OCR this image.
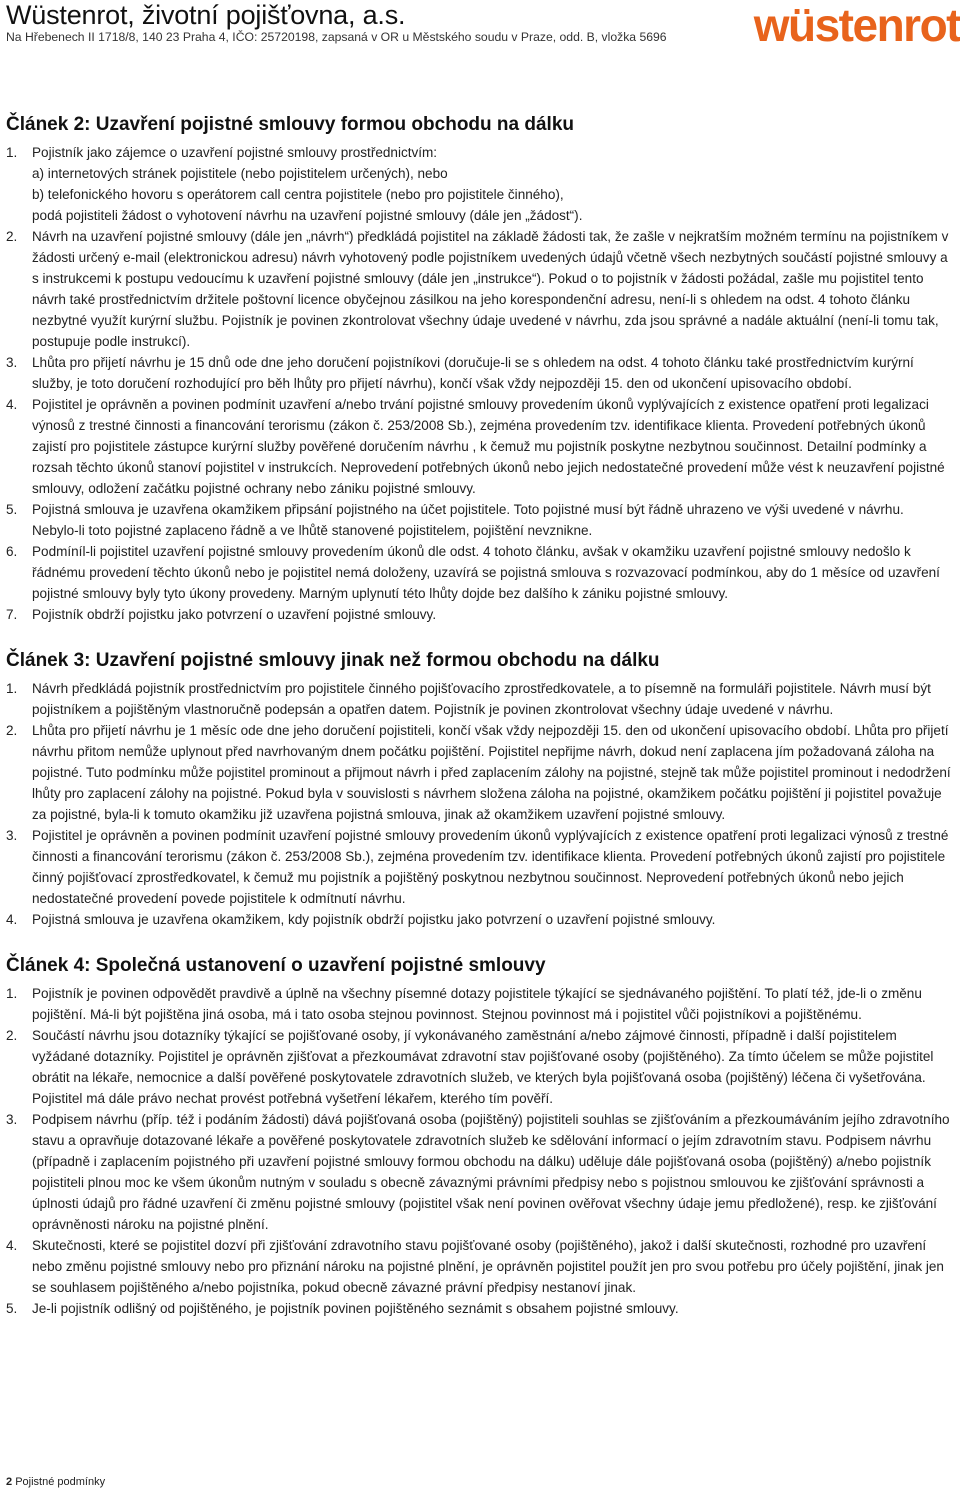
Wüstenrot, životní pojišťovna, a.s.
Na Hřebenech II 1718/8, 140 23 Praha 4, IČO: 25720198, zapsaná v OR u Městského soudu v Praze, odd. B, vložka 5696 wüstenrot
Článek 2: Uzavření pojistné smlouvy formou obchodu na dálku
1. Pojistník jako zájemce o uzavření pojistné smlouvy prostřednictvím:
a) internetových stránek pojistitele (nebo pojistitelem určených), nebo
b) telefonického hovoru s operátorem call centra pojistitele (nebo pro pojistitele činného),
podá pojistiteli žádost o vyhotovení návrhu na uzavření pojistné smlouvy (dále jen „žádost“).
2. Návrh na uzavření pojistné smlouvy (dále jen „návrh“) předkládá pojistitel na základě žádosti tak, že zašle v nejkratším možném termínu na pojistníkem v žádosti určený e-mail (elektronickou adresu) návrh vyhotovený podle pojistníkem uvedených údajů včetně všech nezbytných součástí pojistné smlouvy a s instrukcemi k postupu vedoucímu k uzavření pojistné smlouvy (dále jen „instrukce“). Pokud o to pojistník v žádosti požádal, zašle mu pojistitel tento návrh také prostřednictvím držitele poštovní licence obyčejnou zásilkou na jeho korespondenční adresu, není-li s ohledem na odst. 4 tohoto článku nezbytné využít kurýrní službu. Pojistník je povinen zkontrolovat všechny údaje uvedené v návrhu, zda jsou správné a nadále aktuální (není-li tomu tak, postupuje podle instrukcí).
3. Lhůta pro přijetí návrhu je 15 dnů ode dne jeho doručení pojistníkovi (doručuje-li se s ohledem na odst. 4 tohoto článku také prostřednictvím kurýrní služby, je toto doručení rozhodující pro běh lhůty pro přijetí návrhu), končí však vždy nejpozději 15. den od ukončení upisovacího období.
4. Pojistitel je oprávněn a povinen podmínit uzavření a/nebo trvání pojistné smlouvy provedením úkonů vyplývajících z existence opatření proti legalizaci výnosů z trestné činnosti a financování terorismu (zákon č. 253/2008 Sb.), zejména provedením tzv. identifikace klienta. Provedení potřebných úkonů zajistí pro pojistitele zástupce kurýrní služby pověřené doručením návrhu , k čemuž mu pojistník poskytne nezbytnou součinnost. Detailní podmínky a rozsah těchto úkonů stanoví pojistitel v instrukcích. Neprovedení potřebných úkonů nebo jejich nedostatečné provedení může vést k neuzavření pojistné smlouvy, odložení začátku pojistné ochrany nebo zániku pojistné smlouvy.
5. Pojistná smlouva je uzavřena okamžikem připsání pojistného na účet pojistitele. Toto pojistné musí být řádně uhrazeno ve výši uvedené v návrhu. Nebylo-li toto pojistné zaplaceno řádně a ve lhůtě stanovené pojistitelem, pojištění nevznikne.
6. Podmíníl-li pojistitel uzavření pojistné smlouvy provedením úkonů dle odst. 4 tohoto článku, avšak v okamžiku uzavření pojistné smlouvy nedošlo k řádnému provedení těchto úkonů nebo je pojistitel nemá doloženy, uzavírá se pojistná smlouva s rozvazovací podmínkou, aby do 1 měsíce od uzavření pojistné smlouvy byly tyto úkony provedeny. Marným uplynutí této lhůty dojde bez dalšího k zániku pojistné smlouvy.
7. Pojistník obdrží pojistku jako potvrzení o uzavření pojistné smlouvy.
Článek 3: Uzavření pojistné smlouvy jinak než formou obchodu na dálku
1. Návrh předkládá pojistník prostřednictvím pro pojistitele činného pojišťovacího zprostředkovatele, a to písemně na formuláři pojistitele. Návrh musí být pojistníkem a pojištěným vlastnoručně podepsán a opatřen datem. Pojistník je povinen zkontrolovat všechny údaje uvedené v návrhu.
2. Lhůta pro přijetí návrhu je 1 měsíc ode dne jeho doručení pojistiteli, končí však vždy nejpozději 15. den od ukončení upisovacího období. Lhůta pro přijetí návrhu přitom nemůže uplynout před navrhovaným dnem počátku pojištění. Pojistitel nepřijme návrh, dokud není zaplacena jím požadovaná záloha na pojistné. Tuto podmínku může pojistitel prominout a přijmout návrh i před zaplacením zálohy na pojistné, stejně tak může pojistitel prominout i nedodržení lhůty pro zaplacení zálohy na pojistné. Pokud byla v souvislosti s návrhem složena záloha na pojistné, okamžikem počátku pojištění ji pojistitel považuje za pojistné, byla-li k tomuto okamžiku již uzavřena pojistná smlouva, jinak až okamžikem uzavření pojistné smlouvy.
3. Pojistitel je oprávněn a povinen podmínit uzavření pojistné smlouvy provedením úkonů vyplývajících z existence opatření proti legalizaci výnosů z trestné činnosti a financování terorismu (zákon č. 253/2008 Sb.), zejména provedením tzv. identifikace klienta. Provedení potřebných úkonů zajistí pro pojistitele činný pojišťovací zprostředkovatel, k čemuž mu pojistník a pojištěný poskytnou nezbytnou součinnost. Neprovedení potřebných úkonů nebo jejich nedostatečné provedení povede pojistitele k odmítnutí návrhu.
4. Pojistná smlouva je uzavřena okamžikem, kdy pojistník obdrží pojistku jako potvrzení o uzavření pojistné smlouvy.
Článek 4: Společná ustanovení o uzavření pojistné smlouvy
1. Pojistník je povinen odpovědět pravdivě a úplně na všechny písemné dotazy pojistitele týkající se sjednávaného pojištění. To platí též, jde-li o změnu pojištění. Má-li být pojištěna jiná osoba, má i tato osoba stejnou povinnost. Stejnou povinnost má i pojistitel vůči pojistníkovi a pojištěnému.
2. Součástí návrhu jsou dotazníky týkající se pojišťované osoby, jí vykonávaného zaměstnání a/nebo zájmové činnosti, případně i další pojistitelem vyžádané dotazníky. Pojistitel je oprávněn zjišťovat a přezkoumávat zdravotní stav pojišťované osoby (pojištěného). Za tímto účelem se může pojistitel obrátit na lékaře, nemocnice a další pověřené poskytovatele zdravotních služeb, ve kterých byla pojišťovaná osoba (pojištěný) léčena či vyšetřována. Pojistitel má dále právo nechat provést potřebná vyšetření lékařem, kterého tím pověří.
3. Podpisem návrhu (příp. též i podáním žádosti) dává pojišťovaná osoba (pojištěný) pojistiteli souhlas se zjišťováním a přezkoumáváním jejího zdravotního stavu a opravňuje dotazované lékaře a pověřené poskytovatele zdravotních služeb ke sdělování informací o jejím zdravotním stavu. Podpisem návrhu (případně i zaplacením pojistného při uzavření pojistné smlouvy formou obchodu na dálku) uděluje dále pojišťovaná osoba (pojištěný) a/nebo pojistník pojistiteli plnou moc ke všem úkonům nutným v souladu s obecně závaznými právními předpisy nebo s pojistnou smlouvou ke zjišťování správnosti a úplnosti údajů pro řádné uzavření či změnu pojistné smlouvy (pojistitel však není povinen ověřovat všechny údaje jemu předložené), resp. ke zjišťování oprávněnosti nároku na pojistné plnění.
4. Skutečnosti, které se pojistitel dozví při zjišťování zdravotního stavu pojišťované osoby (pojištěného), jakož i další skutečnosti, rozhodné pro uzavření nebo změnu pojistné smlouvy nebo pro přiznání nároku na pojistné plnění, je oprávněn pojistitel použít jen pro svou potřebu pro účely pojištění, jinak jen se souhlasem pojištěného a/nebo pojistníka, pokud obecně závazné právní předpisy nestanoví jinak.
5. Je-li pojistník odlišný od pojištěného, je pojistník povinen pojištěného seznámit s obsahem pojistné smlouvy.
2 Pojistné podmínky
